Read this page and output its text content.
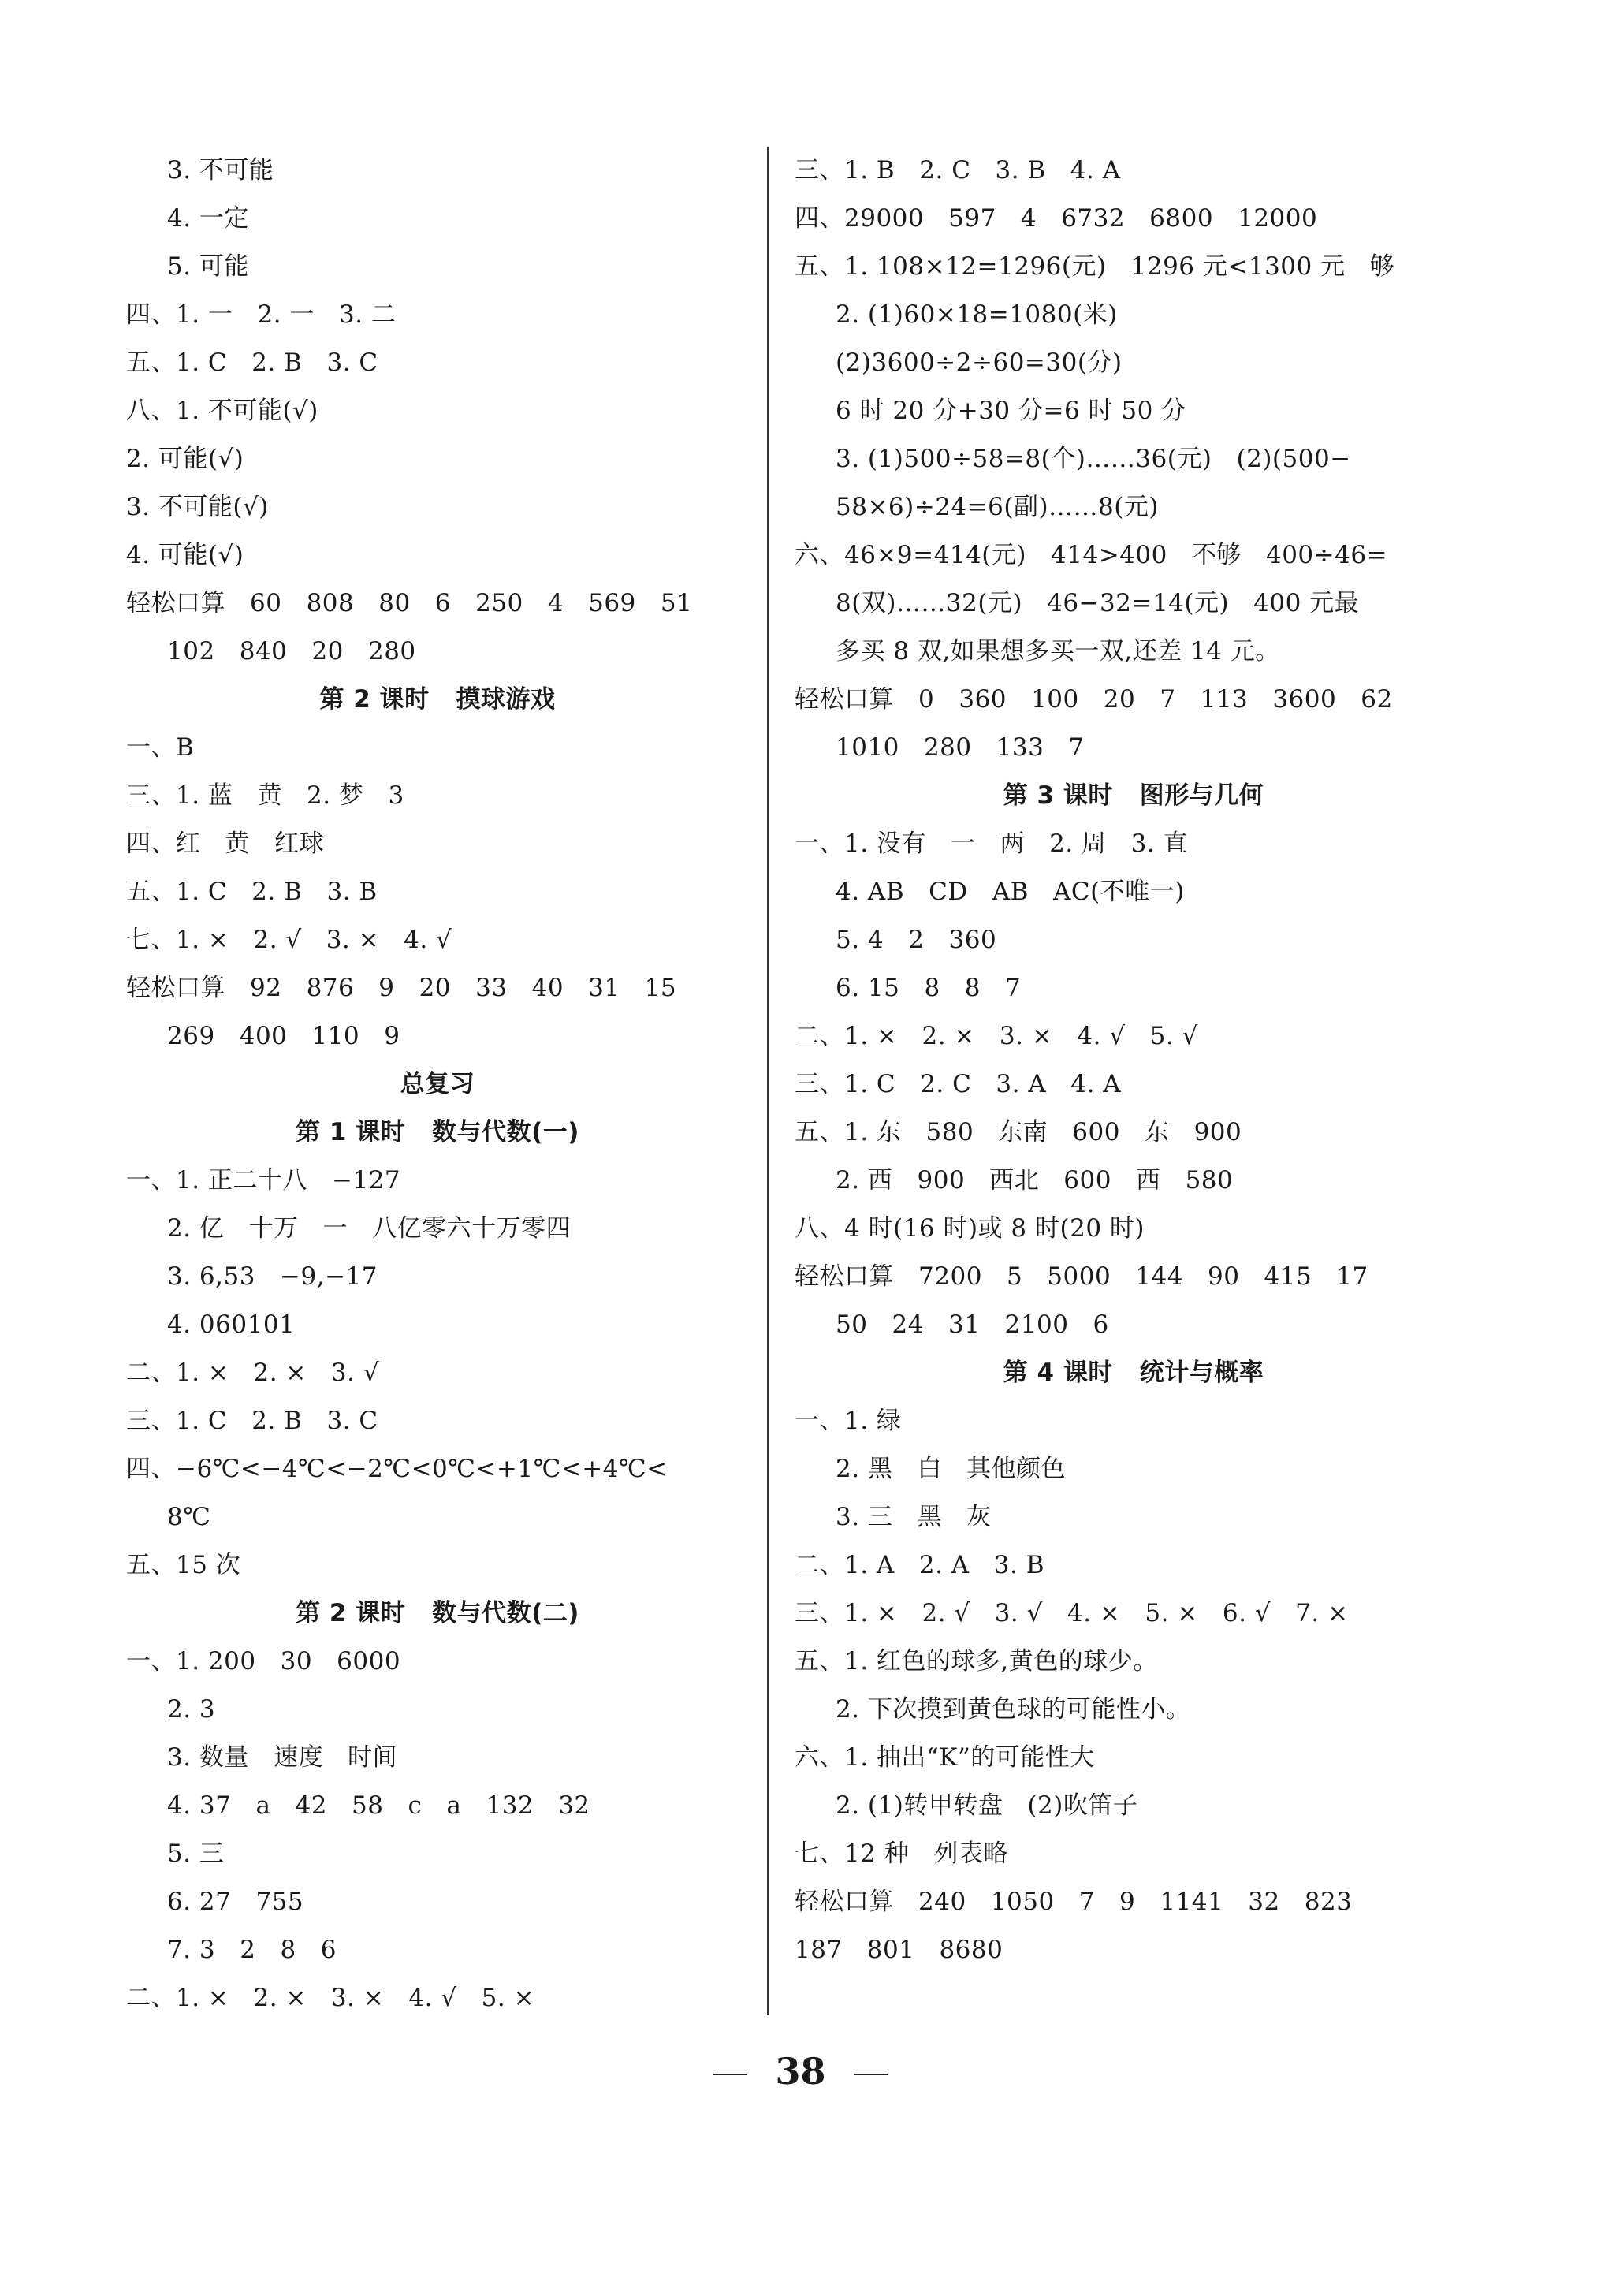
3. 不可能
4. 一定
5. 可能
四、1. 一   2. 一   3. 二
五、1. C   2. B   3. C
八、1. 不可能(√)
2. 可能(√)
3. 不可能(√)
4. 可能(√)
轻松口算   60   808   80   6   250   4   569   51
102   840   20   280
第 2 课时   摸球游戏
一、B
三、1. 蓝   黄   2. 梦   3
四、红   黄   红球
五、1. C   2. B   3. B
七、1. ×   2. √   3. ×   4. √
轻松口算   92   876   9   20   33   40   31   15
269   400   110   9
总复习
第 1 课时   数与代数(一)
一、1. 正二十八   −127
2. 亿   十万   一   八亿零六十万零四
3. 6,53   −9,−17
4. 060101
二、1. ×   2. ×   3. √
三、1. C   2. B   3. C
四、−6℃<−4℃<−2℃<0℃<+1℃<+4℃<
8℃
五、15 次
第 2 课时   数与代数(二)
一、1. 200   30   6000
2. 3
3. 数量   速度   时间
4. 37   a   42   58   c   a   132   32
5. 三
6. 27   755
7. 3   2   8   6
二、1. ×   2. ×   3. ×   4. √   5. ×
三、1. B   2. C   3. B   4. A
四、29000   597   4   6732   6800   12000
五、1. 108×12=1296(元)   1296 元<1300 元   够
2. (1)60×18=1080(米)
(2)3600÷2÷60=30(分)
6 时 20 分+30 分=6 时 50 分
3. (1)500÷58=8(个)……36(元)   (2)(500−
58×6)÷24=6(副)……8(元)
六、46×9=414(元)   414>400   不够   400÷46=
8(双)……32(元)   46−32=14(元)   400 元最
多买 8 双,如果想多买一双,还差 14 元。
轻松口算   0   360   100   20   7   113   3600   62
1010   280   133   7
第 3 课时   图形与几何
一、1. 没有   一   两   2. 周   3. 直
4. AB   CD   AB   AC(不唯一)
5. 4   2   360
6. 15   8   8   7
二、1. ×   2. ×   3. ×   4. √   5. √
三、1. C   2. C   3. A   4. A
五、1. 东   580   东南   600   东   900
2. 西   900   西北   600   西   580
八、4 时(16 时)或 8 时(20 时)
轻松口算   7200   5   5000   144   90   415   17
50   24   31   2100   6
第 4 课时   统计与概率
一、1. 绿
2. 黑   白   其他颜色
3. 三   黑   灰
二、1. A   2. A   3. B
三、1. ×   2. √   3. √   4. ×   5. ×   6. √   7. ×
五、1. 红色的球多,黄色的球少。
2. 下次摸到黄色球的可能性小。
六、1. 抽出“K”的可能性大
2. (1)转甲转盘   (2)吹笛子
七、12 种   列表略
轻松口算   240   1050   7   9   1141   32   823
187   801   8680
38
